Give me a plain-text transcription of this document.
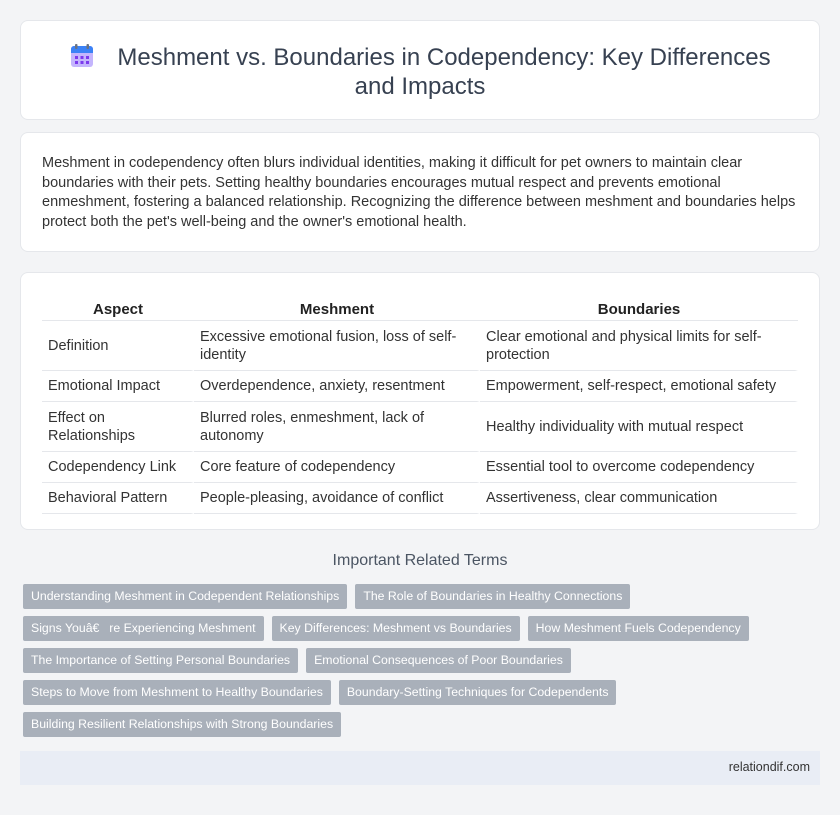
Meshment vs. Boundaries in Codependency: Key Differences and Impacts

Meshment in codependency often blurs individual identities, making it difficult for pet owners to maintain clear boundaries with their pets. Setting healthy boundaries encourages mutual respect and prevents emotional enmeshment, fostering a balanced relationship. Recognizing the difference between meshment and boundaries helps protect both the pet's well-being and the owner's emotional health.

Aspect	Meshment	Boundaries
Definition	Excessive emotional fusion, loss of self-identity	Clear emotional and physical limits for self-protection
Emotional Impact	Overdependence, anxiety, resentment	Empowerment, self-respect, emotional safety
Effect on Relationships	Blurred roles, enmeshment, lack of autonomy	Healthy individuality with mutual respect
Codependency Link	Core feature of codependency	Essential tool to overcome codependency
Behavioral Pattern	People-pleasing, avoidance of conflict	Assertiveness, clear communication
Important Related Terms
Understanding Meshment in Codependent Relationships	The Role of Boundaries in Healthy Connections
Signs Youâ€re Experiencing Meshment	Key Differences: Meshment vs Boundaries	How Meshment Fuels Codependency
The Importance of Setting Personal Boundaries	Emotional Consequences of Poor Boundaries
Steps to Move from Meshment to Healthy Boundaries	Boundary-Setting Techniques for Codependents
Building Resilient Relationships with Strong Boundaries
relationdif.com
